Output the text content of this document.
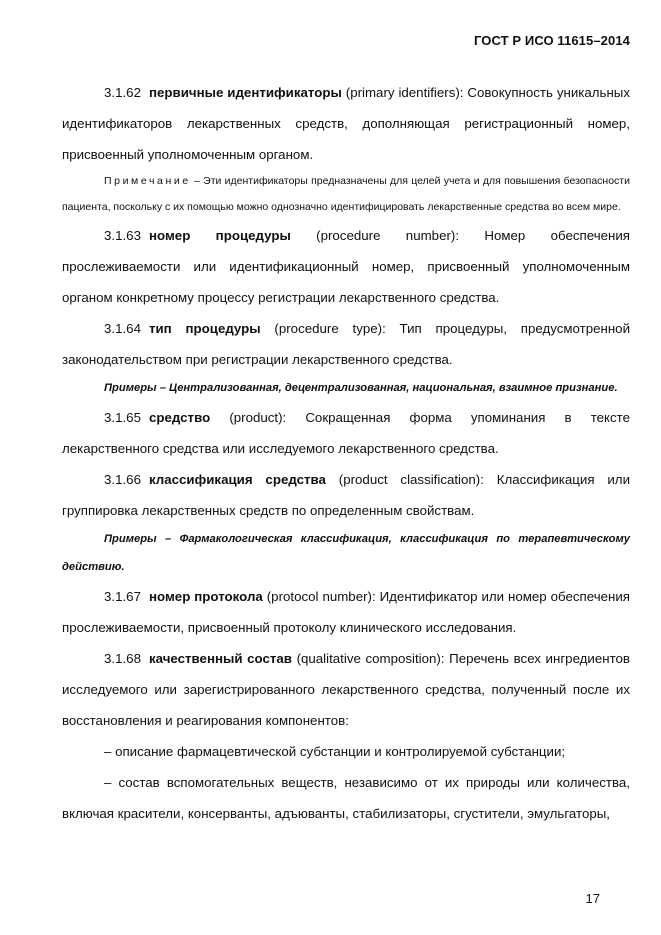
ГОСТ Р ИСО 11615–2014

3.1.62 первичные идентификаторы (primary identifiers): Совокупность уникальных идентификаторов лекарственных средств, дополняющая регистрационный номер, присвоенный уполномоченным органом.

Примечание – Эти идентификаторы предназначены для целей учета и для повышения безопасности пациента, поскольку с их помощью можно однозначно идентифицировать лекарственные средства во всем мире.

3.1.63 номер процедуры (procedure number): Номер обеспечения прослеживаемости или идентификационный номер, присвоенный уполномоченным органом конкретному процессу регистрации лекарственного средства.

3.1.64 тип процедуры (procedure type): Тип процедуры, предусмотренной законодательством при регистрации лекарственного средства.

Примеры – Централизованная, децентрализованная, национальная, взаимное признание.

3.1.65 средство (product): Сокращенная форма упоминания в тексте лекарственного средства или исследуемого лекарственного средства.

3.1.66 классификация средства (product classification): Классификация или группировка лекарственных средств по определенным свойствам.

Примеры – Фармакологическая классификация, классификация по терапевтическому действию.

3.1.67 номер протокола (protocol number): Идентификатор или номер обеспечения прослеживаемости, присвоенный протоколу клинического исследования.

3.1.68 качественный состав (qualitative composition): Перечень всех ингредиентов исследуемого или зарегистрированного лекарственного средства, полученный после их восстановления и реагирования компонентов:

– описание фармацевтической субстанции и контролируемой субстанции;

– состав вспомогательных веществ, независимо от их природы или количества, включая красители, консерванты, адъюванты, стабилизаторы, сгустители, эмульгаторы,

17
